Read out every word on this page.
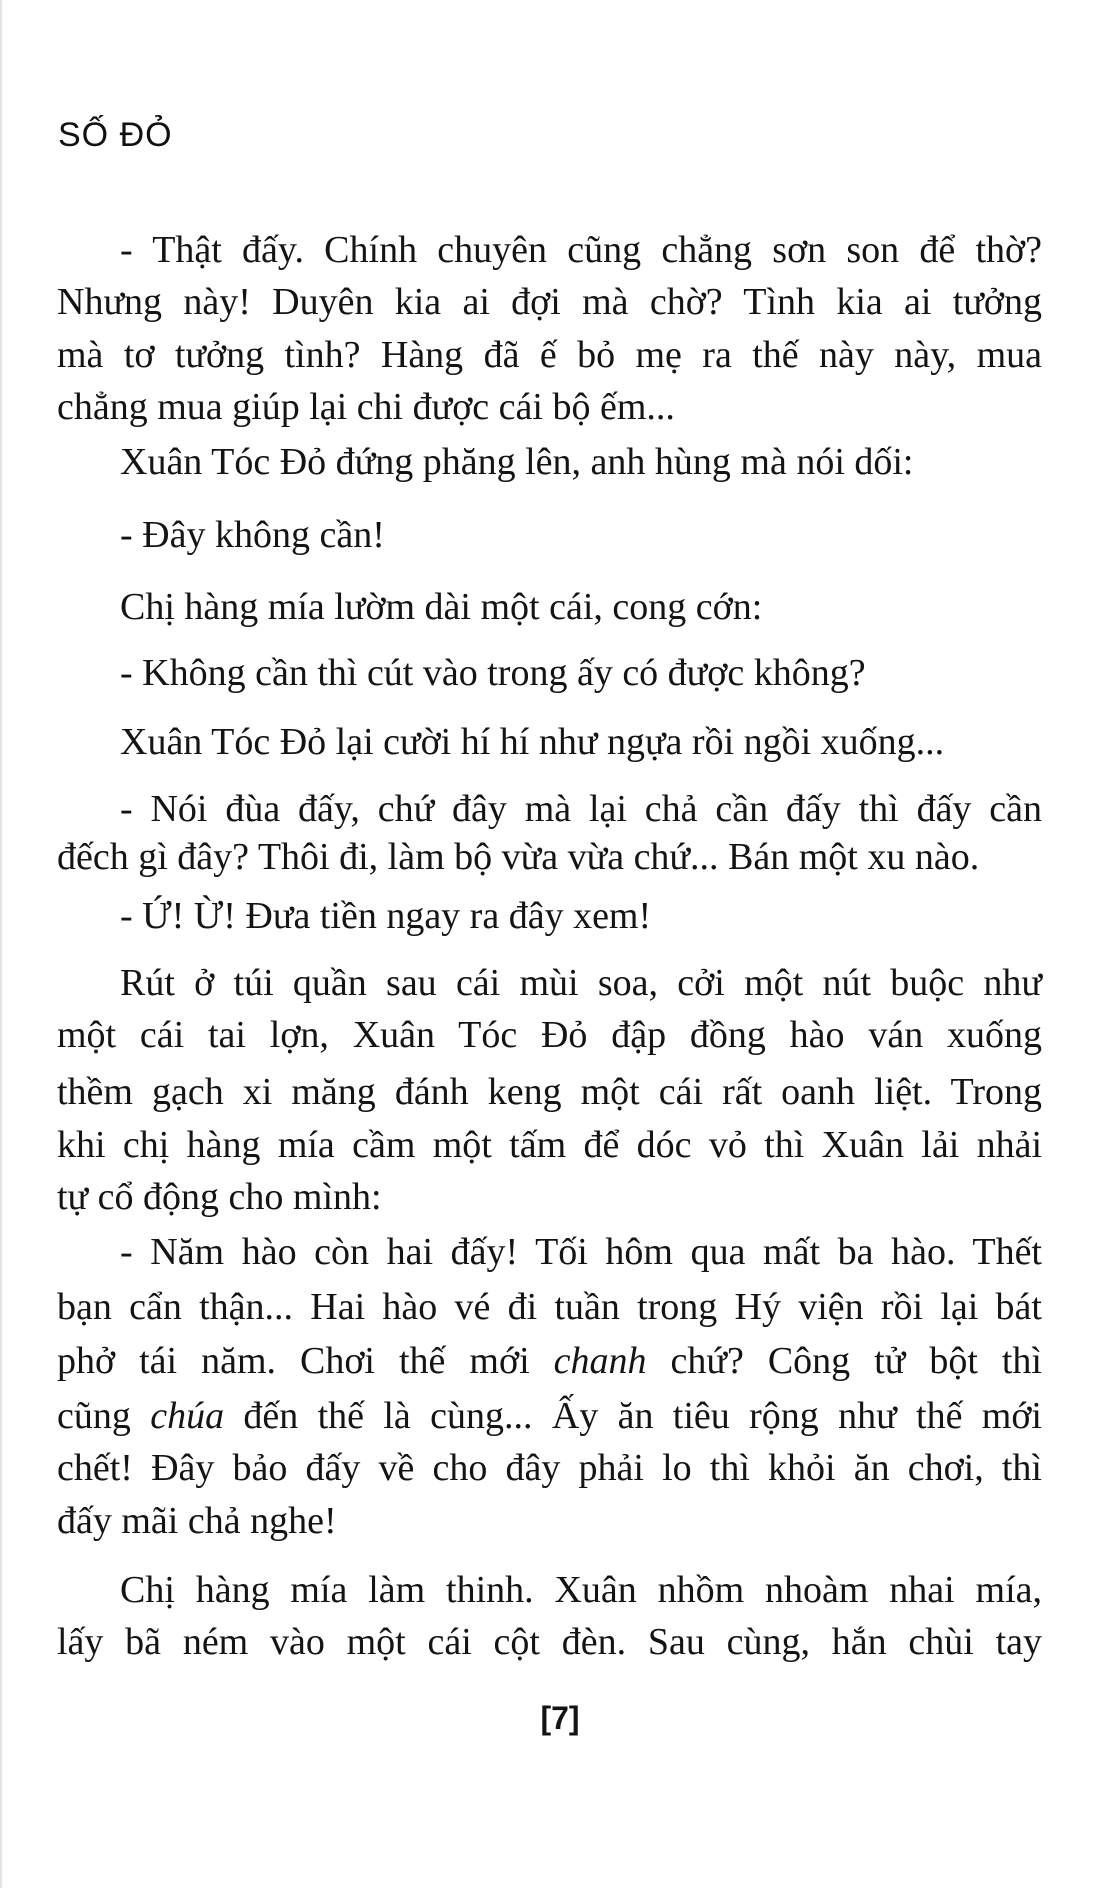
SỐ ĐỎ
- Thật đấy. Chính chuyên cũng chẳng sơn son để thờ?
Nhưng này! Duyên kia ai đợi mà chờ? Tình kia ai tưởng
mà tơ tưởng tình? Hàng đã ế bỏ mẹ ra thế này này, mua
chẳng mua giúp lại chi được cái bộ ếm...
Xuân Tóc Đỏ đứng phăng lên, anh hùng mà nói dối:
- Đây không cần!
Chị hàng mía lườm dài một cái, cong cớn:
- Không cần thì cút vào trong ấy có được không?
Xuân Tóc Đỏ lại cười hí hí như ngựa rồi ngồi xuống...
- Nói đùa đấy, chứ đây mà lại chả cần đấy thì đấy cần
đếch gì đây? Thôi đi, làm bộ vừa vừa chứ... Bán một xu nào.
- Ứ! Ừ! Đưa tiền ngay ra đây xem!
Rút ở túi quần sau cái mùi soa, cởi một nút buộc như
một cái tai lợn, Xuân Tóc Đỏ đập đồng hào ván xuống
thềm gạch xi măng đánh keng một cái rất oanh liệt. Trong
khi chị hàng mía cầm một tấm để dóc vỏ thì Xuân lải nhải
tự cổ động cho mình:
- Năm hào còn hai đấy! Tối hôm qua mất ba hào. Thết
bạn cẩn thận... Hai hào vé đi tuần trong Hý viện rồi lại bát
phở tái năm. Chơi thế mới chanh chứ? Công tử bột thì
cũng chúa đến thế là cùng... Ấy ăn tiêu rộng như thế mới
chết! Đây bảo đấy về cho đây phải lo thì khỏi ăn chơi, thì
đấy mãi chả nghe!
Chị hàng mía làm thinh. Xuân nhồm nhoàm nhai mía,
lấy bã ném vào một cái cột đèn. Sau cùng, hắn chùi tay
[7]
